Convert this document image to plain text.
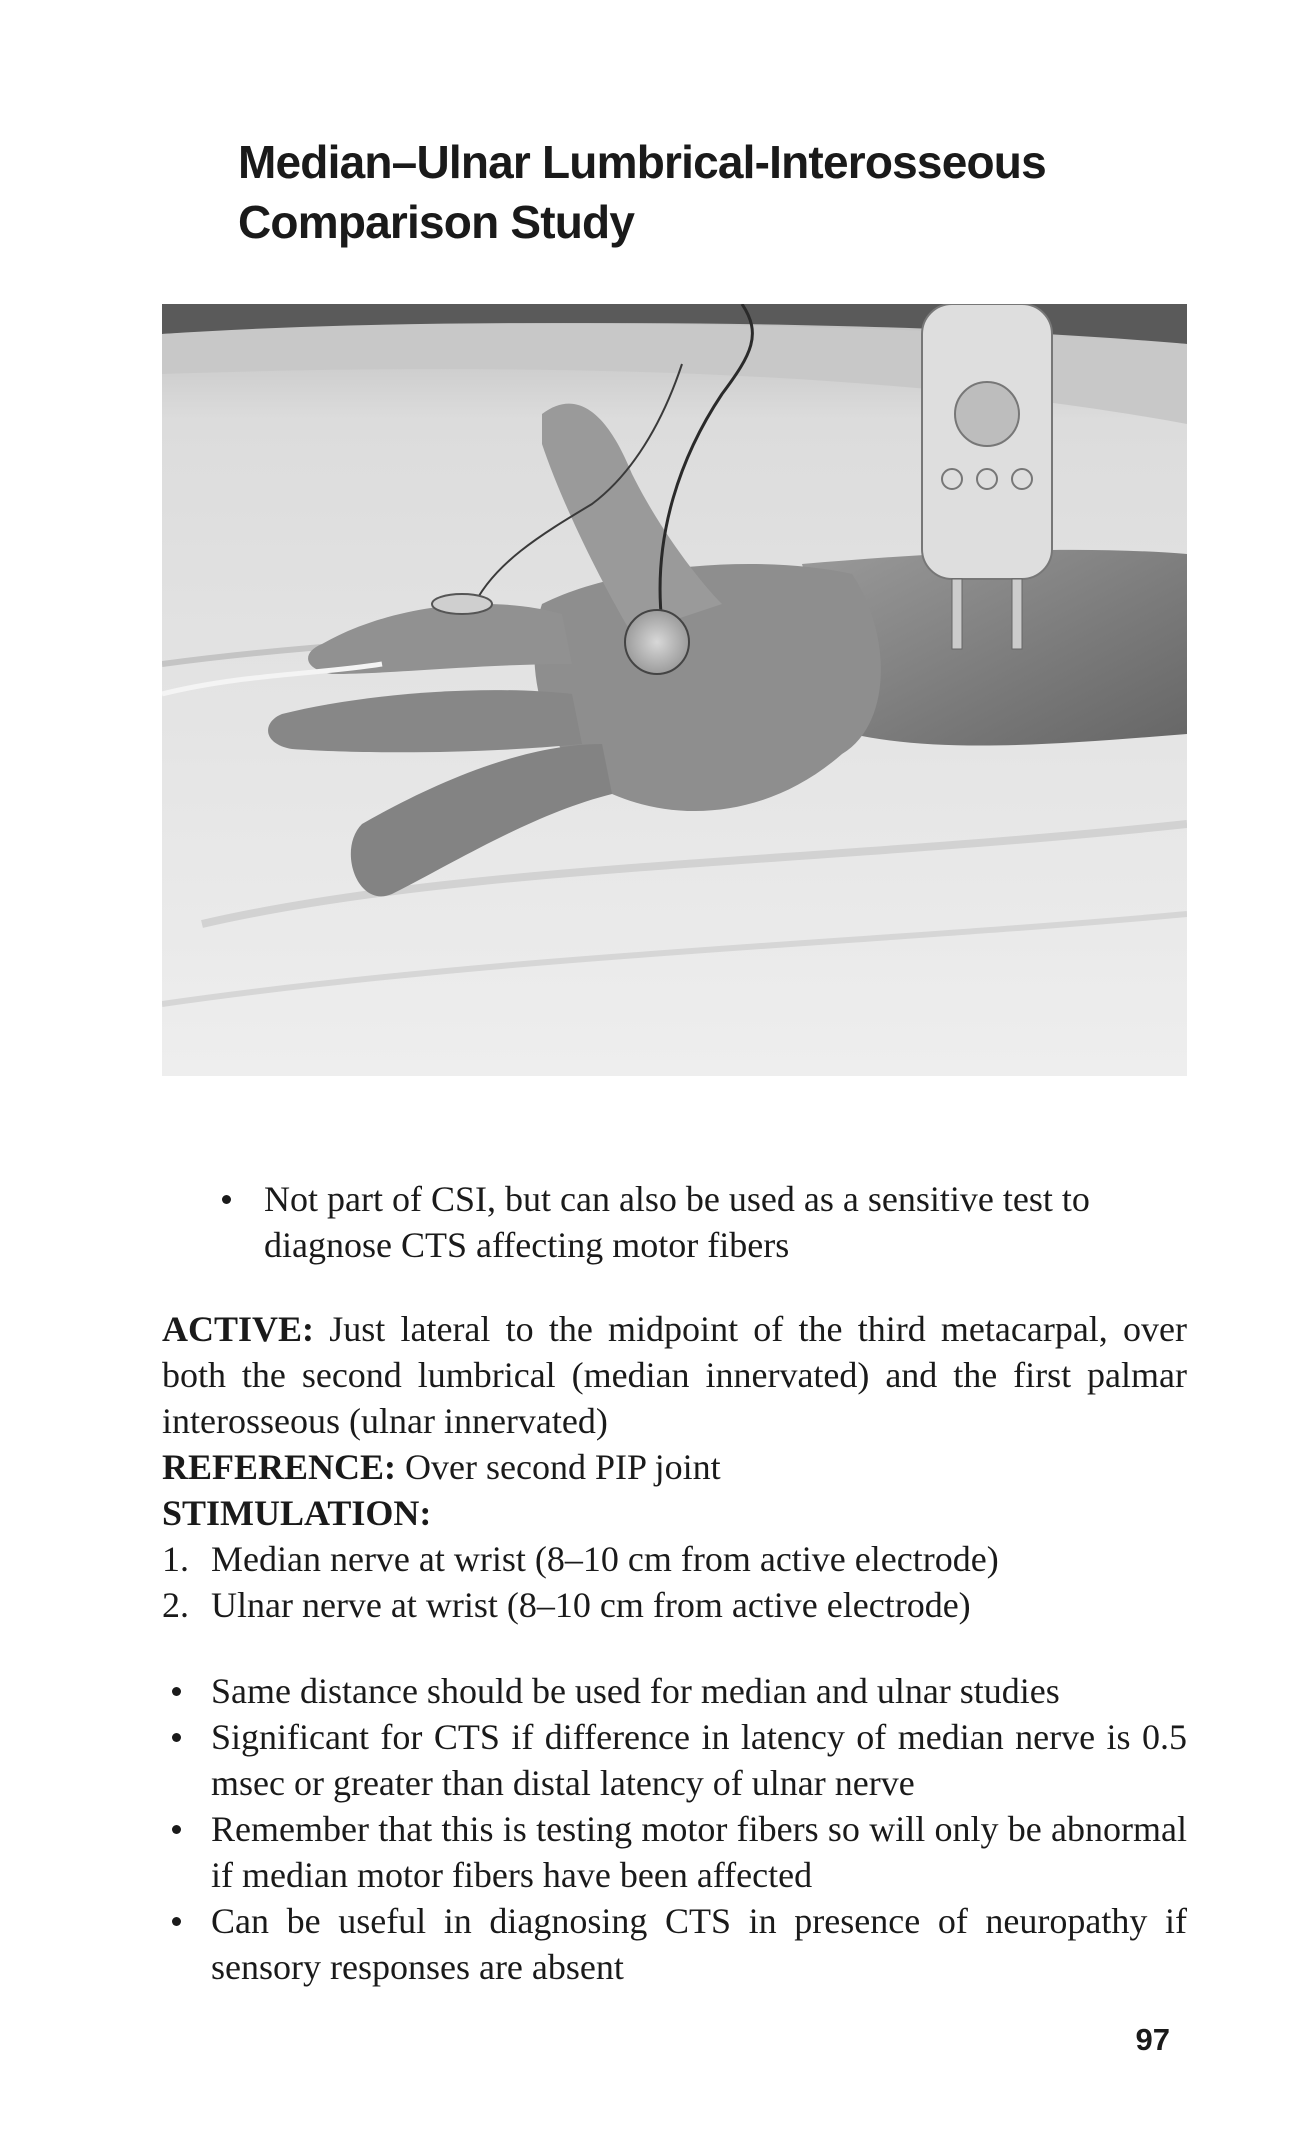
Median–Ulnar Lumbrical-Interosseous
Comparison Study
Not part of CSI, but can also be used as a sensitive test to diagnose CTS affecting motor fibers

ACTIVE: Just lateral to the midpoint of the third metacarpal, over both the second lumbrical (median innervated) and the first palmar interosseous (ulnar innervated)

REFERENCE: Over second PIP joint

STIMULATION:

1. Median nerve at wrist (8–10 cm from active electrode)
2. Ulnar nerve at wrist (8–10 cm from active electrode)
Same distance should be used for median and ulnar studies
Significant for CTS if difference in latency of median nerve is 0.5 msec or greater than distal latency of ulnar nerve
Remember that this is testing motor fibers so will only be abnormal if median motor fibers have been affected
Can be useful in diagnosing CTS in presence of neuropathy if sensory responses are absent
97
